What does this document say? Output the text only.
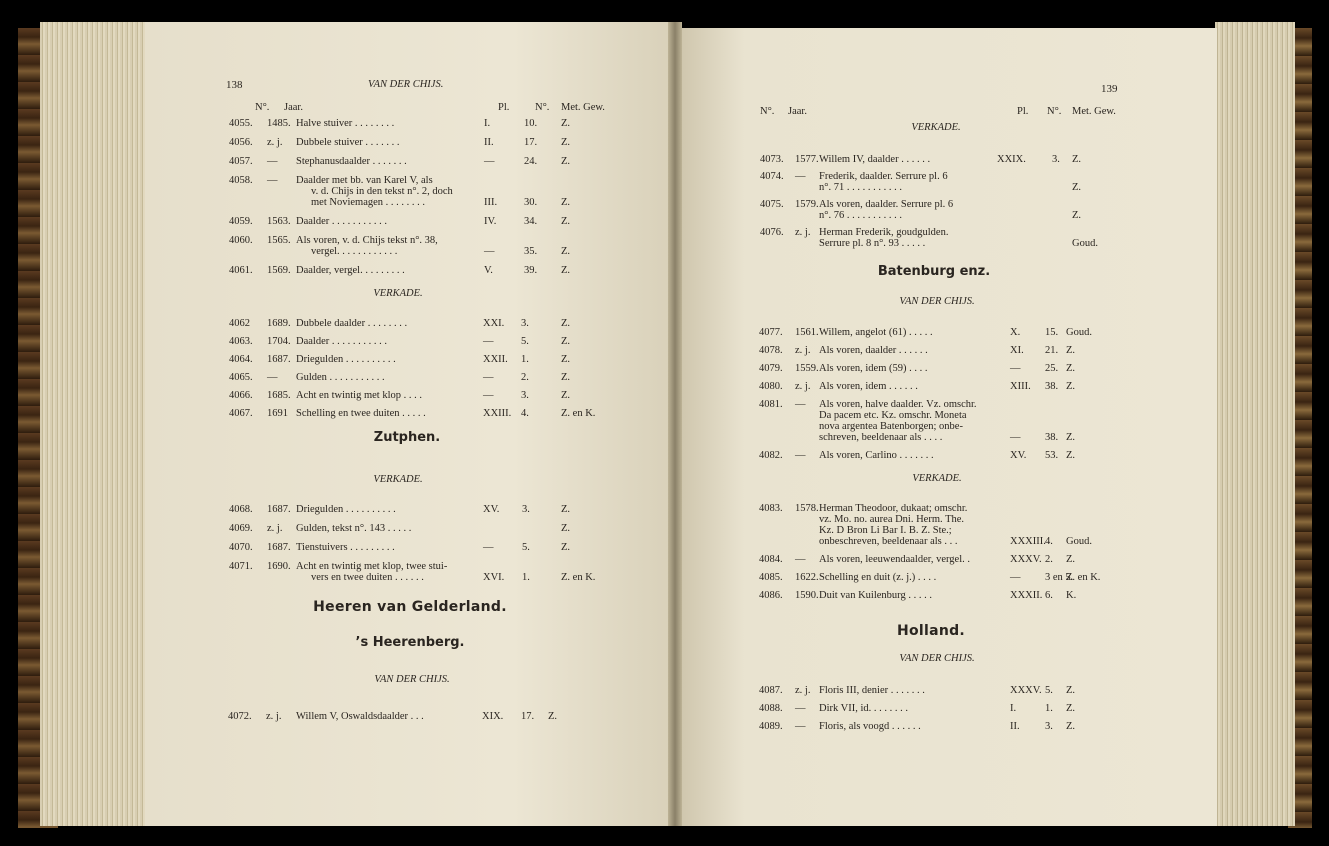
138	VAN DER CHIJS.
N°. Jaar.	Pl. N°. Met. Gew.
4055. 1485. Halve stuiver . . . . . . . .	I.	10. Z.
4056. z. j. Dubbele stuiver . . . . . . .	II.	17. Z.
4057. — Stephanusdaalder . . . . . . .	—	24. Z.
4058. — Daalder met bb. van Karel V, als
v. d. Chijs in den tekst n°. 2, doch
met Noviemagen . . . . . . . .	III.	30. Z.
4059. 1563. Daalder . . . . . . . . . . .	IV.	34. Z.
4060. 1565. Als voren, v. d. Chijs tekst n°. 38,
vergel. . . . . . . . . . . .	—	35. Z.
4061. 1569. Daalder, vergel. . . . . . . . .	V.	39. Z.
VERKADE.
4062 1689. Dubbele daalder . . . . . . . .	XXI. 3.	Z.
4063. 1704. Daalder . . . . . . . . . . .	—	5.	Z.
4064. 1687. Driegulden . . . . . . . . . .	XXII. 1.	Z.
4065. — Gulden . . . . . . . . . . .	—	2.	Z.
4066. 1685. Acht en twintig met klop . . . .	—	3.	Z.
4067. 1691 Schelling en twee duiten . . . . .	XXIII. 4.	Z. en K.
Zutphen.
VERKADE.
4068. 1687. Driegulden . . . . . . . . . .	XV. 3.	Z.
4069. z. j. Gulden, tekst n°. 143 . . . . .	Z.
4070. 1687. Tienstuivers . . . . . . . . .	—	5.	Z.
4071. 1690. Acht en twintig met klop, twee stui-
vers en twee duiten . . . . . .	XVI. 1.	Z. en K.
Heeren van Gelderland.
’s Heerenberg.
VAN DER CHIJS.
4072. z. j. Willem V, Oswaldsdaalder . . .	XIX. 17. Z.
139
N°. Jaar.	Pl. N°. Met. Gew.
VERKADE.
4073. 1577. Willem IV, daalder . . . . . .	XXIX. 3. Z.
4074. — Frederik, daalder. Serrure pl. 6
n°. 71 . . . . . . . . . . .	Z.
4075. 1579. Als voren, daalder. Serrure pl. 6
n°. 76 . . . . . . . . . . .	Z.
4076. z. j. Herman Frederik, goudgulden.
Serrure pl. 8 n°. 93 . . . . .	Goud.
Batenburg enz.
VAN DER CHIJS.
4077. 1561. Willem, angelot (61) . . . . .	X. 15. Goud.
4078. z. j. Als voren, daalder . . . . . .	XI. 21. Z.
4079. 1559. Als voren, idem (59) . . . .	— 25. Z.
4080. z. j. Als voren, idem . . . . . .	XIII. 38. Z.
4081. — Als voren, halve daalder. Vz. omschr.
Da pacem etc. Kz. omschr. Moneta
nova argentea Batenborgen; onbe-
schreven, beeldenaar als . . . .	— 38. Z.
4082. — Als voren, Carlino . . . . . . .	XV. 53. Z.
VERKADE.
4083. 1578. Herman Theodoor, dukaat; omschr.
vz. Mo. no. aurea Dni. Herm. The.
Kz. D Bron Li Bar I. B. Z. Ste.;
onbeschreven, beeldenaar als . . .	XXXIII. 4. Goud.
4084. — Als voren, leeuwendaalder, vergel. .	XXXV. 2. Z.
4085. 1622. Schelling en duit (z. j.) . . . .	— 3 en 5.
Z. en K.
4086. 1590. Duit van Kuilenburg . . . . .	XXXII. 6. K.
Holland.
VAN DER CHIJS.
4087. z. j. Floris III, denier . . . . . . .	XXXV. 5. Z.
4088. — Dirk VII, id. . . . . . . .	I.	1. Z.
4089. — Floris, als voogd . . . . . .	II. 3. Z.
